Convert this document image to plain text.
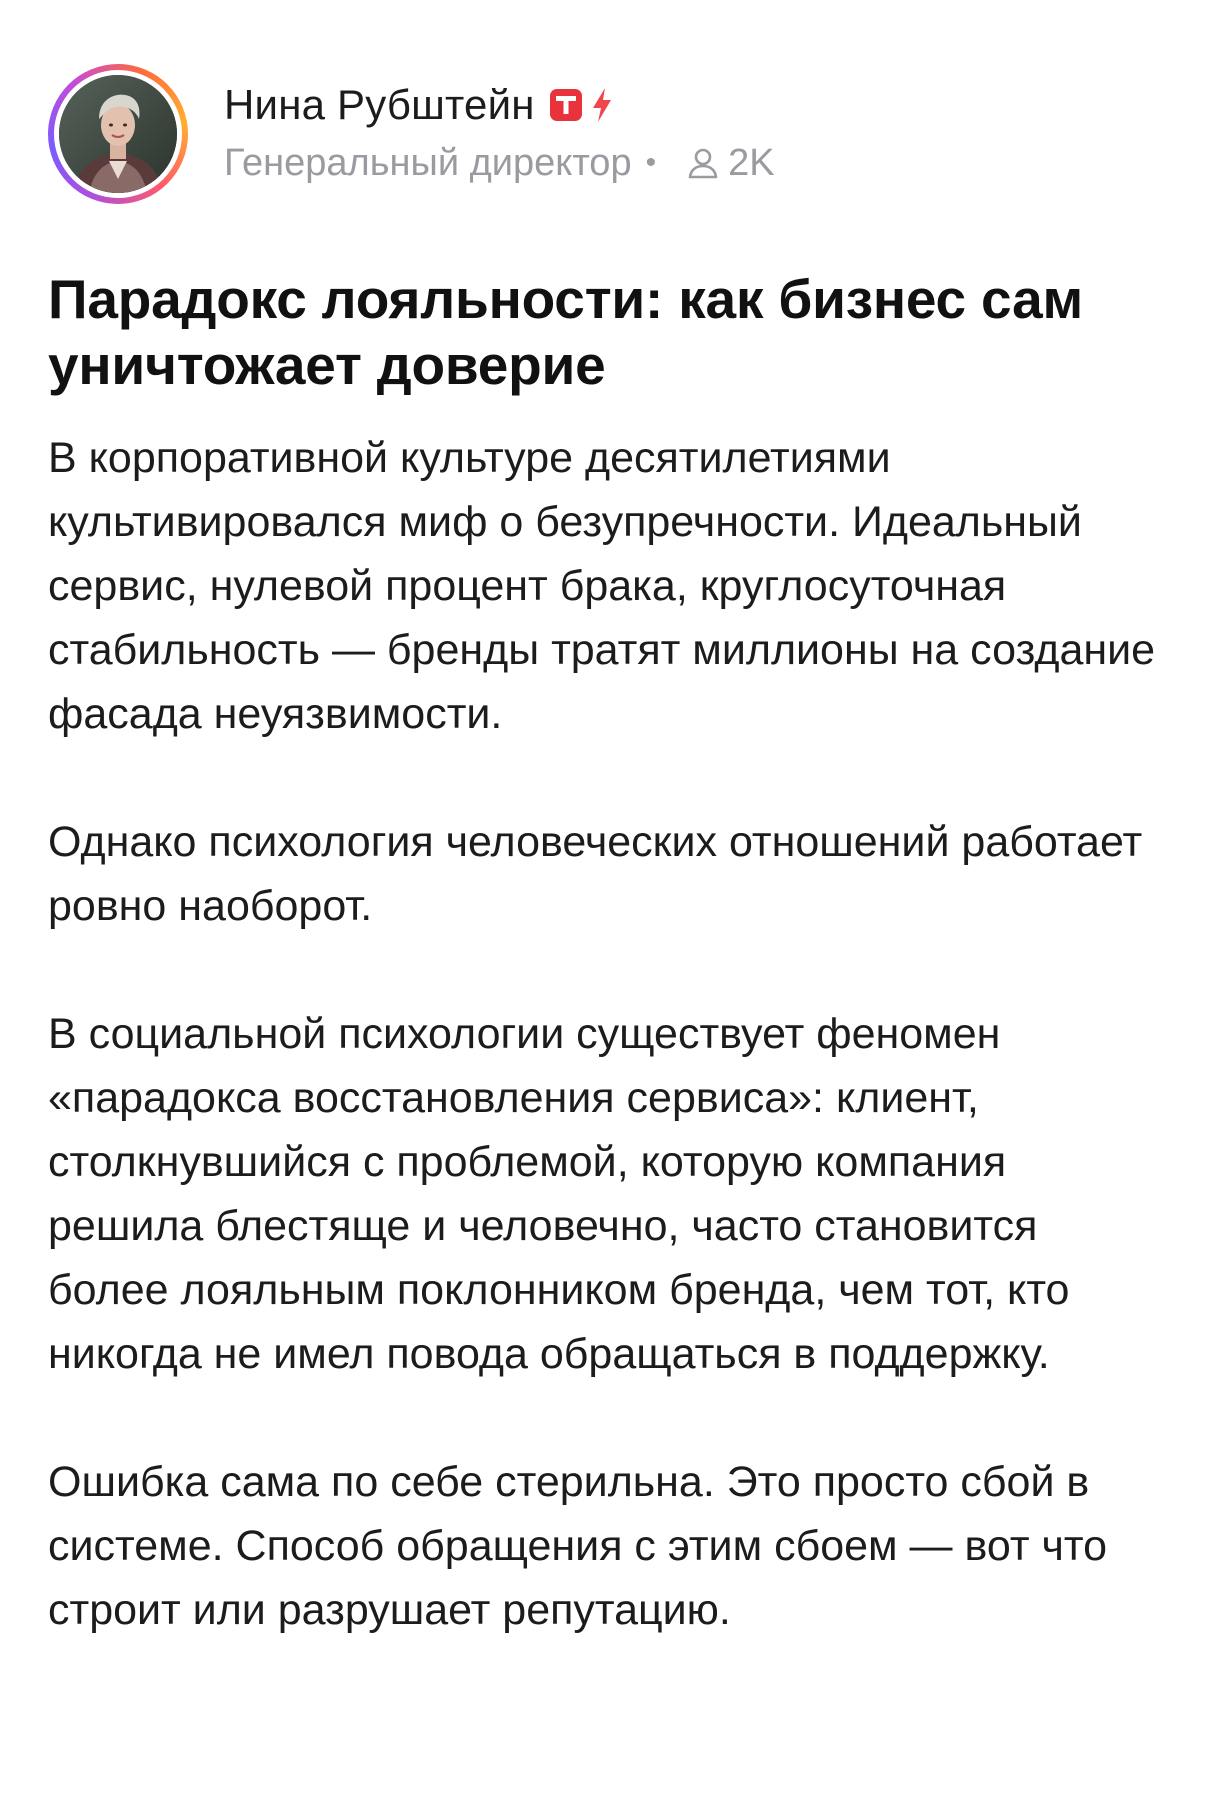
Нина Рубштейн
Генеральный директор • 2K
Парадокс лояльности: как бизнес сам уничтожает доверие

В корпоративной культуре десятилетиями культивировался миф о безупречности. Идеальный сервис, нулевой процент брака, круглосуточная стабильность — бренды тратят миллионы на создание фасада неуязвимости.

Однако психология человеческих отношений работает ровно наоборот.

В социальной психологии существует феномен «парадокса восстановления сервиса»: клиент, столкнувшийся с проблемой, которую компания решила блестяще и человечно, часто становится более лояльным поклонником бренда, чем тот, кто никогда не имел повода обращаться в поддержку.

Ошибка сама по себе стерильна. Это просто сбой в системе. Способ обращения с этим сбоем — вот что строит или разрушает репутацию.
